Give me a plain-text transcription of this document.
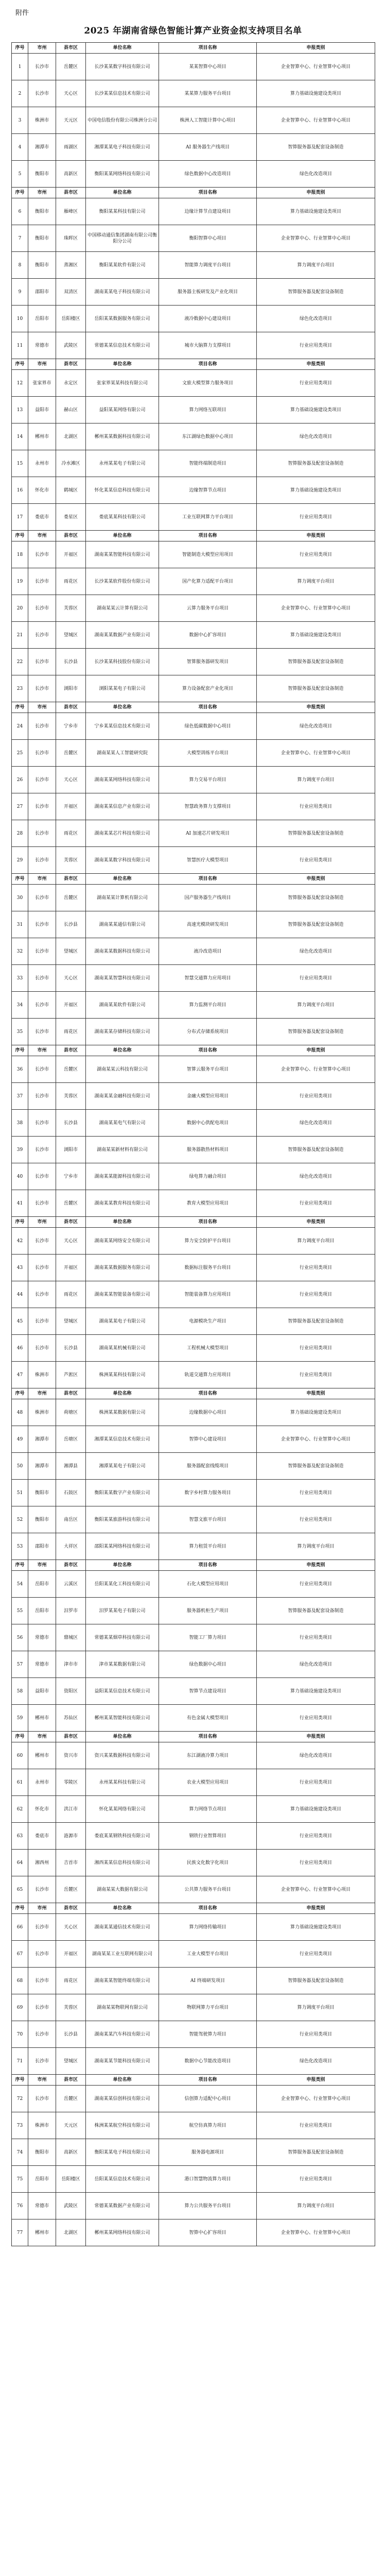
附件
2025 年湖南省绿色智能计算产业资金拟支持项目名单
序号	市州	县市区	单位名称	项目名称	申报类别
1	长沙市	岳麓区	长沙某某数字科技有限公司	某某智算中心项目	企业智算中心、行业智算中心项目
2	长沙市	天心区	长沙某某信息技术有限公司	某某算力服务平台项目	算力基础设施建设类项目
3	株洲市	天元区	中国电信股份有限公司株洲分公司	株洲人工智能计算中心项目	企业智算中心、行业智算中心项目
4	湘潭市	雨湖区	湘潭某某电子科技有限公司	AI 服务器生产线项目	智算服务器及配套设备制造
5	衡阳市	高新区	衡阳某某网络科技有限公司	绿色数据中心改造项目	绿色化改造项目
序号	市州	县市区	单位名称	项目名称	申报类别
6	衡阳市	雁峰区	衡阳某某科技有限公司	边缘计算节点建设项目	算力基础设施建设类项目
7	衡阳市	珠晖区	中国移动通信集团湖南有限公司衡阳分公司	衡阳智算中心项目	企业智算中心、行业智算中心项目
8	衡阳市	蒸湘区	衡阳某某软件有限公司	智能算力调度平台项目	算力调度平台项目
9	邵阳市	双清区	湖南某某电子科技有限公司	服务器主板研发及产业化项目	智算服务器及配套设备制造
10	岳阳市	岳阳楼区	岳阳某某数据服务有限公司	液冷数据中心建设项目	绿色化改造项目
11	常德市	武陵区	常德某某信息技术有限公司	城市大脑算力支撑项目	行业应用类项目
序号	市州	县市区	单位名称	项目名称	申报类别
12	张家界市	永定区	张家界某某科技有限公司	文旅大模型算力服务项目	行业应用类项目
13	益阳市	赫山区	益阳某某网络有限公司	算力网络互联项目	算力基础设施建设类项目
14	郴州市	北湖区	郴州某某数据科技有限公司	东江湖绿色数据中心项目	绿色化改造项目
15	永州市	冷水滩区	永州某某电子有限公司	智能终端制造项目	智算服务器及配套设备制造
16	怀化市	鹤城区	怀化某某信息科技有限公司	边缘智算节点项目	算力基础设施建设类项目
17	娄底市	娄星区	娄底某某科技有限公司	工业互联网算力平台项目	行业应用类项目
序号	市州	县市区	单位名称	项目名称	申报类别
18	长沙市	开福区	湖南某某智能科技有限公司	智能制造大模型应用项目	行业应用类项目
19	长沙市	雨花区	长沙某某软件股份有限公司	国产化算力适配平台项目	算力调度平台项目
20	长沙市	芙蓉区	湖南某某云计算有限公司	云算力服务平台项目	企业智算中心、行业智算中心项目
21	长沙市	望城区	湖南某某数据产业有限公司	数据中心扩容项目	算力基础设施建设类项目
22	长沙市	长沙县	长沙某某科技股份有限公司	智算服务器研发项目	智算服务器及配套设备制造
23	长沙市	浏阳市	浏阳某某电子有限公司	算力设备配套产业化项目	智算服务器及配套设备制造
序号	市州	县市区	单位名称	项目名称	申报类别
24	长沙市	宁乡市	宁乡某某信息技术有限公司	绿色低碳数据中心项目	绿色化改造项目
25	长沙市	岳麓区	湖南某某人工智能研究院	大模型训练平台项目	企业智算中心、行业智算中心项目
26	长沙市	天心区	湖南某某网络科技有限公司	算力交易平台项目	算力调度平台项目
27	长沙市	开福区	湖南某某信息产业有限公司	智慧政务算力支撑项目	行业应用类项目
28	长沙市	雨花区	湖南某某芯片科技有限公司	AI 加速芯片研发项目	智算服务器及配套设备制造
29	长沙市	芙蓉区	湖南某某数字科技有限公司	智慧医疗大模型项目	行业应用类项目
序号	市州	县市区	单位名称	项目名称	申报类别
30	长沙市	岳麓区	湖南某某计算机有限公司	国产服务器生产线项目	智算服务器及配套设备制造
31	长沙市	长沙县	湖南某某通信有限公司	高速光模块研发项目	智算服务器及配套设备制造
32	长沙市	望城区	湖南某某数据科技有限公司	液冷改造项目	绿色化改造项目
33	长沙市	天心区	湖南某某智慧科技有限公司	智慧交通算力应用项目	行业应用类项目
34	长沙市	开福区	湖南某某软件有限公司	算力监测平台项目	算力调度平台项目
35	长沙市	雨花区	湖南某某存储科技有限公司	分布式存储系统项目	智算服务器及配套设备制造
序号	市州	县市区	单位名称	项目名称	申报类别
36	长沙市	岳麓区	湖南某某云科技有限公司	智算云服务平台项目	企业智算中心、行业智算中心项目
37	长沙市	芙蓉区	湖南某某金融科技有限公司	金融大模型应用项目	行业应用类项目
38	长沙市	长沙县	湖南某某电气有限公司	数据中心供配电项目	绿色化改造项目
39	长沙市	浏阳市	湖南某某新材料有限公司	服务器散热材料项目	智算服务器及配套设备制造
40	长沙市	宁乡市	湖南某某能源科技有限公司	绿电算力融合项目	绿色化改造项目
41	长沙市	岳麓区	湖南某某教育科技有限公司	教育大模型应用项目	行业应用类项目
序号	市州	县市区	单位名称	项目名称	申报类别
42	长沙市	天心区	湖南某某网络安全有限公司	算力安全防护平台项目	算力调度平台项目
43	长沙市	开福区	湖南某某数据服务有限公司	数据标注服务平台项目	行业应用类项目
44	长沙市	雨花区	湖南某某智能装备有限公司	智能装备算力应用项目	行业应用类项目
45	长沙市	望城区	湖南某某电子有限公司	电源模块生产项目	智算服务器及配套设备制造
46	长沙市	长沙县	湖南某某机械有限公司	工程机械大模型项目	行业应用类项目
47	株洲市	芦淞区	株洲某某科技有限公司	轨道交通算力应用项目	行业应用类项目
序号	市州	县市区	单位名称	项目名称	申报类别
48	株洲市	荷塘区	株洲某某数据有限公司	边缘数据中心项目	算力基础设施建设类项目
49	湘潭市	岳塘区	湘潭某某信息技术有限公司	智算中心建设项目	企业智算中心、行业智算中心项目
50	湘潭市	湘潭县	湘潭某某电子有限公司	服务器配套线缆项目	智算服务器及配套设备制造
51	衡阳市	石鼓区	衡阳某某数字产业有限公司	数字乡村算力服务项目	行业应用类项目
52	衡阳市	南岳区	衡阳某某旅游科技有限公司	智慧文旅平台项目	行业应用类项目
53	邵阳市	大祥区	邵阳某某网络科技有限公司	算力租赁平台项目	算力调度平台项目
序号	市州	县市区	单位名称	项目名称	申报类别
54	岳阳市	云溪区	岳阳某某化工科技有限公司	石化大模型应用项目	行业应用类项目
55	岳阳市	汨罗市	汨罗某某电子有限公司	服务器机柜生产项目	智算服务器及配套设备制造
56	常德市	鼎城区	常德某某烟草科技有限公司	智能工厂算力项目	行业应用类项目
57	常德市	津市市	津市某某数据有限公司	绿色数据中心项目	绿色化改造项目
58	益阳市	资阳区	益阳某某信息技术有限公司	智算节点建设项目	算力基础设施建设类项目
59	郴州市	苏仙区	郴州某某智能科技有限公司	有色金属大模型项目	行业应用类项目
序号	市州	县市区	单位名称	项目名称	申报类别
60	郴州市	资兴市	资兴某某数据科技有限公司	东江湖液冷算力项目	绿色化改造项目
61	永州市	零陵区	永州某某科技有限公司	农业大模型应用项目	行业应用类项目
62	怀化市	洪江市	怀化某某网络有限公司	算力网络节点项目	算力基础设施建设类项目
63	娄底市	涟源市	娄底某某钢铁科技有限公司	钢铁行业智算项目	行业应用类项目
64	湘西州	吉首市	湘西某某信息科技有限公司	民族文化数字化项目	行业应用类项目
65	长沙市	岳麓区	湖南某某大数据有限公司	公共算力服务平台项目	企业智算中心、行业智算中心项目
序号	市州	县市区	单位名称	项目名称	申报类别
66	长沙市	天心区	湖南某某通信技术有限公司	算力网络传输项目	算力基础设施建设类项目
67	长沙市	开福区	湖南某某工业互联网有限公司	工业大模型平台项目	行业应用类项目
68	长沙市	雨花区	湖南某某智能终端有限公司	AI 终端研发项目	智算服务器及配套设备制造
69	长沙市	芙蓉区	湖南某某物联网有限公司	物联网算力平台项目	算力调度平台项目
70	长沙市	长沙县	湖南某某汽车科技有限公司	智能驾驶算力项目	行业应用类项目
71	长沙市	望城区	湖南某某节能科技有限公司	数据中心节能改造项目	绿色化改造项目
序号	市州	县市区	单位名称	项目名称	申报类别
72	长沙市	岳麓区	湖南某某信创科技有限公司	信创算力适配中心项目	企业智算中心、行业智算中心项目
73	株洲市	天元区	株洲某某航空科技有限公司	航空仿真算力项目	行业应用类项目
74	衡阳市	高新区	衡阳某某电子科技有限公司	服务器电源项目	智算服务器及配套设备制造
75	岳阳市	岳阳楼区	岳阳某某信息技术有限公司	港口智慧物流算力项目	行业应用类项目
76	常德市	武陵区	常德某某数据产业有限公司	算力公共服务平台项目	算力调度平台项目
77	郴州市	北湖区	郴州某某网络科技有限公司	智算中心扩容项目	企业智算中心、行业智算中心项目
